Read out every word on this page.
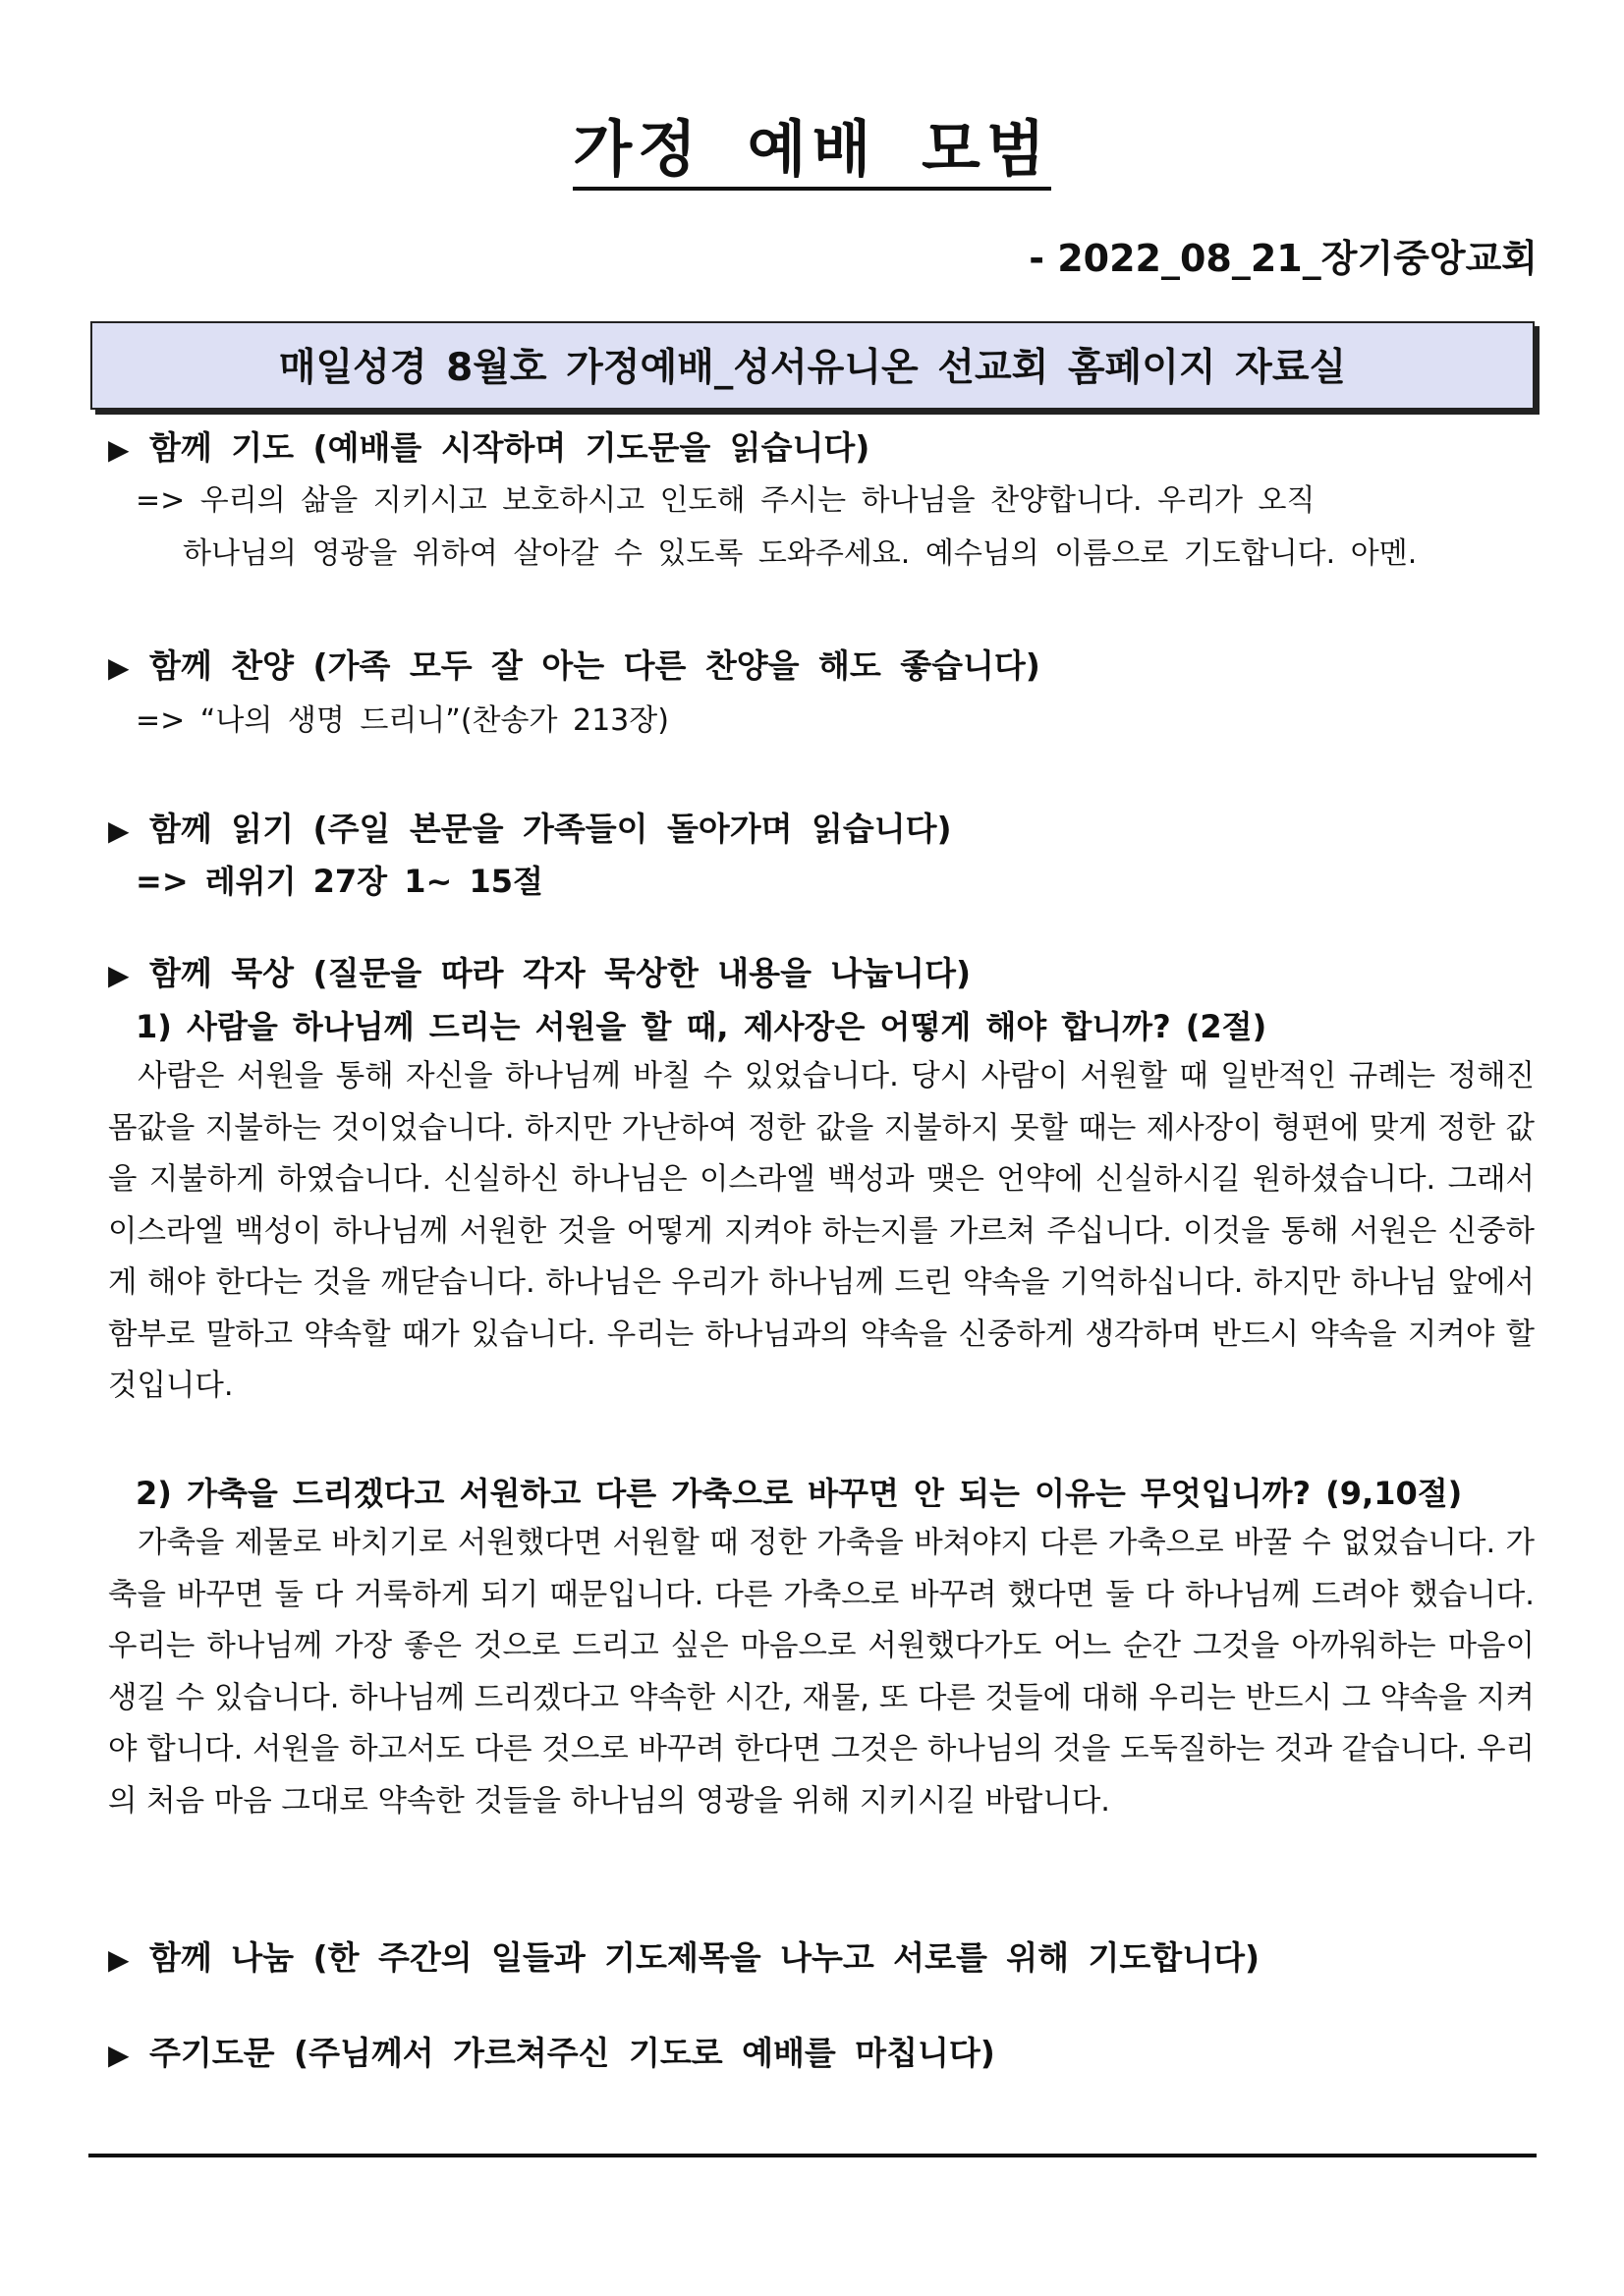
가정 예배 모범
- 2022_08_21_장기중앙교회
매일성경 8월호 가정예배_성서유니온 선교회 홈페이지 자료실
▶ 함께 기도 (예배를 시작하며 기도문을 읽습니다)
=> 우리의 삶을 지키시고 보호하시고 인도해 주시는 하나님을 찬양합니다. 우리가 오직
하나님의 영광을 위하여 살아갈 수 있도록 도와주세요. 예수님의 이름으로 기도합니다. 아멘.
▶ 함께 찬양 (가족 모두 잘 아는 다른 찬양을 해도 좋습니다)
=> “나의 생명 드리니”(찬송가 213장)
▶ 함께 읽기 (주일 본문을 가족들이 돌아가며 읽습니다)
=> 레위기 27장 1~ 15절
▶ 함께 묵상 (질문을 따라 각자 묵상한 내용을 나눕니다)
1) 사람을 하나님께 드리는 서원을 할 때, 제사장은 어떻게 해야 합니까? (2절)

사람은 서원을 통해 자신을 하나님께 바칠 수 있었습니다. 당시 사람이 서원할 때 일반적인 규례는 정해진 몸값을 지불하는 것이었습니다. 하지만 가난하여 정한 값을 지불하지 못할 때는 제사장이 형편에 맞게 정한 값을 지불하게 하였습니다. 신실하신 하나님은 이스라엘 백성과 맺은 언약에 신실하시길 원하셨습니다. 그래서 이스라엘 백성이 하나님께 서원한 것을 어떻게 지켜야 하는지를 가르쳐 주십니다. 이것을 통해 서원은 신중하게 해야 한다는 것을 깨닫습니다. 하나님은 우리가 하나님께 드린 약속을 기억하십니다. 하지만 하나님 앞에서 함부로 말하고 약속할 때가 있습니다. 우리는 하나님과의 약속을 신중하게 생각하며 반드시 약속을 지켜야 할 것입니다.

2) 가축을 드리겠다고 서원하고 다른 가축으로 바꾸면 안 되는 이유는 무엇입니까? (9,10절)

가축을 제물로 바치기로 서원했다면 서원할 때 정한 가축을 바쳐야지 다른 가축으로 바꿀 수 없었습니다. 가축을 바꾸면 둘 다 거룩하게 되기 때문입니다. 다른 가축으로 바꾸려 했다면 둘 다 하나님께 드려야 했습니다. 우리는 하나님께 가장 좋은 것으로 드리고 싶은 마음으로 서원했다가도 어느 순간 그것을 아까워하는 마음이 생길 수 있습니다. 하나님께 드리겠다고 약속한 시간, 재물, 또 다른 것들에 대해 우리는 반드시 그 약속을 지켜야 합니다. 서원을 하고서도 다른 것으로 바꾸려 한다면 그것은 하나님의 것을 도둑질하는 것과 같습니다. 우리의 처음 마음 그대로 약속한 것들을 하나님의 영광을 위해 지키시길 바랍니다.

▶ 함께 나눔 (한 주간의 일들과 기도제목을 나누고 서로를 위해 기도합니다)
▶ 주기도문 (주님께서 가르쳐주신 기도로 예배를 마칩니다)
